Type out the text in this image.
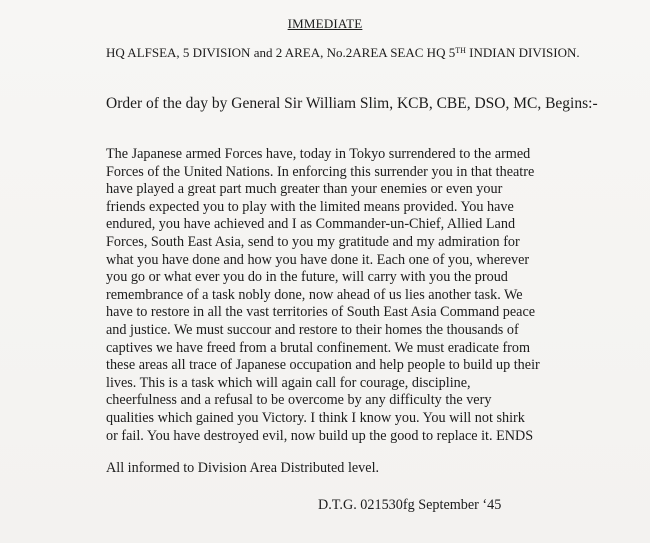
IMMEDIATE
HQ ALFSEA, 5 DIVISION and 2 AREA, No.2AREA SEAC HQ 5TH INDIAN DIVISION.
Order of the day by General Sir William Slim, KCB, CBE, DSO, MC, Begins:-
The Japanese armed Forces have, today in Tokyo surrendered to the armed
Forces of the United Nations. In enforcing this surrender you in that theatre
have played a great part much greater than your enemies or even your
friends expected you to play with the limited means provided. You have
endured, you have achieved and I as Commander-un-Chief, Allied Land
Forces, South East Asia, send to you my gratitude and my admiration for
what you have done and how you have done it. Each one of you, wherever
you go or what ever you do in the future, will carry with you the proud
remembrance of a task nobly done, now ahead of us lies another task. We
have to restore in all the vast territories of South East Asia Command peace
and justice. We must succour and restore to their homes the thousands of
captives we have freed from a brutal confinement. We must eradicate from
these areas all trace of Japanese occupation and help people to build up their
lives. This is a task which will again call for courage, discipline,
cheerfulness and a refusal to be overcome by any difficulty the very
qualities which gained you Victory. I think I know you. You will not shirk
or fail. You have destroyed evil, now build up the good to replace it. ENDS
All informed to Division Area Distributed level.
D.T.G. 021530fg September ‘45
